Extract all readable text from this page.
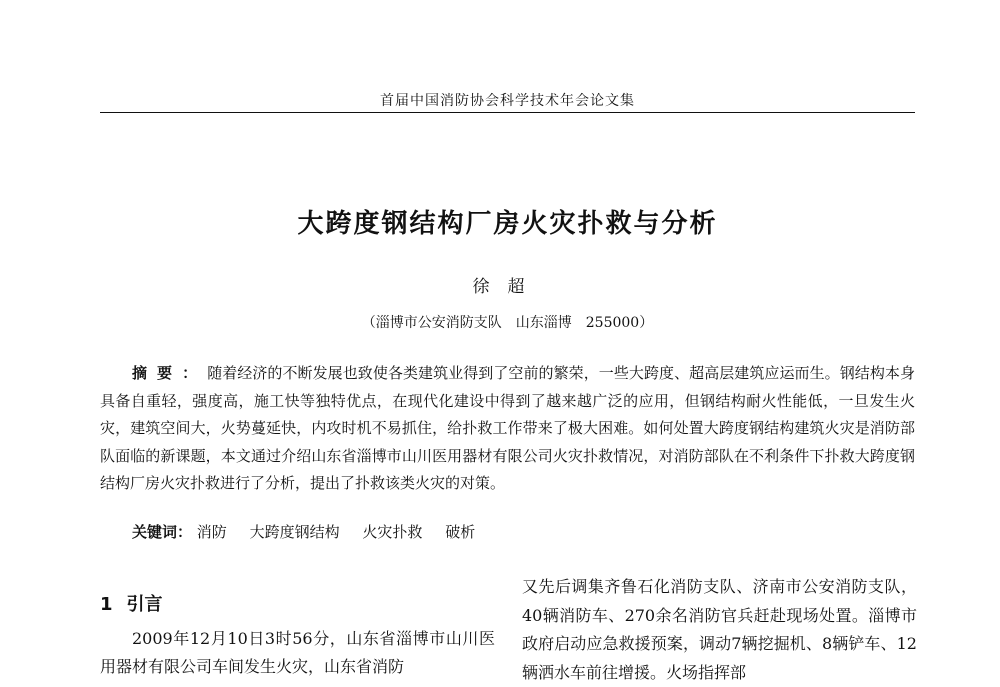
首届中国消防协会科学技术年会论文集
大跨度钢结构厂房火灾扑救与分析
徐超
（淄博市公安消防支队　山东淄博　255000）

摘要：随着经济的不断发展也致使各类建筑业得到了空前的繁荣，一些大跨度、超高层建筑应运而生。钢结构本身具备自重轻，强度高，施工快等独特优点，在现代化建设中得到了越来越广泛的应用，但钢结构耐火性能低，一旦发生火灾，建筑空间大，火势蔓延快，内攻时机不易抓住，给扑救工作带来了极大困难。如何处置大跨度钢结构建筑火灾是消防部队面临的新课题，本文通过介绍山东省淄博市山川医用器材有限公司火灾扑救情况，对消防部队在不利条件下扑救大跨度钢结构厂房火灾扑救进行了分析，提出了扑救该类火灾的对策。

关键词： 消防 大跨度钢结构 火灾扑救 破析
1 引言

2009年12月10日3时56分，山东省淄博市山川医用器材有限公司车间发生火灾，山东省消防

又先后调集齐鲁石化消防支队、济南市公安消防支队，40辆消防车、270余名消防官兵赶赴现场处置。淄博市政府启动应急救援预案，调动7辆挖掘机、8辆铲车、12辆洒水车前往增援。火场指挥部
